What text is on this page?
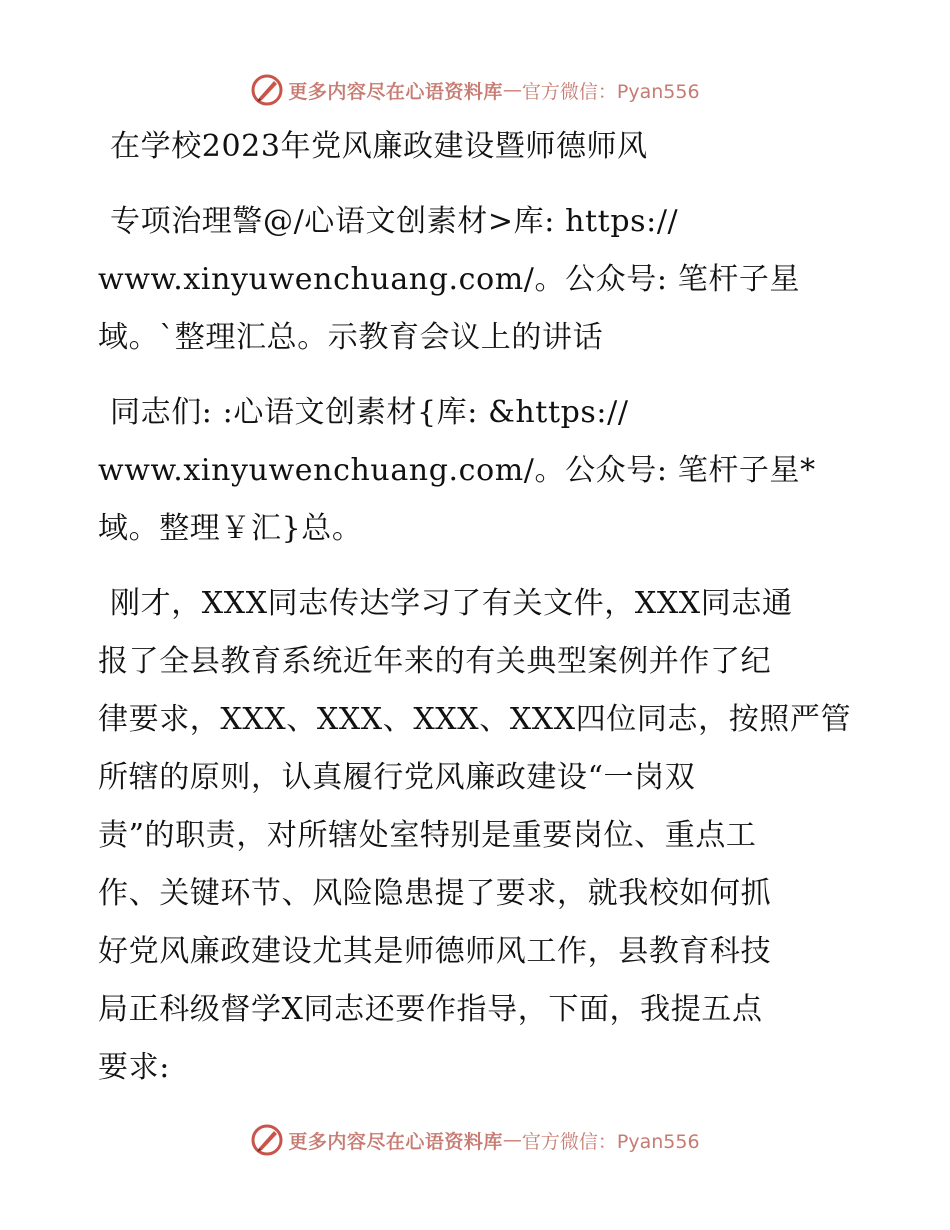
更多内容尽在心语资料库 — 官方微信：Pyan556
在学校2023年党风廉政建设暨师德师风
专项治理警@/心语文创素材>库: https://
www.xinyuwenchuang.com/。公众号: 笔杆子星
域。`整理汇总。示教育会议上的讲话
同志们: :心语文创素材{库: &https://
www.xinyuwenchuang.com/。公众号: 笔杆子星*
域。整理￥汇}总。
刚才，XXX同志传达学习了有关文件，XXX同志通
报了全县教育系统近年来的有关典型案例并作了纪
律要求，XXX、XXX、XXX、XXX四位同志，按照严管
所辖的原则，认真履行党风廉政建设“一岗双
责”的职责，对所辖处室特别是重要岗位、重点工
作、关键环节、风险隐患提了要求，就我校如何抓
好党风廉政建设尤其是师德师风工作，县教育科技
局正科级督学X同志还要作指导，下面，我提五点
要求:
更多内容尽在心语资料库 — 官方微信：Pyan556
